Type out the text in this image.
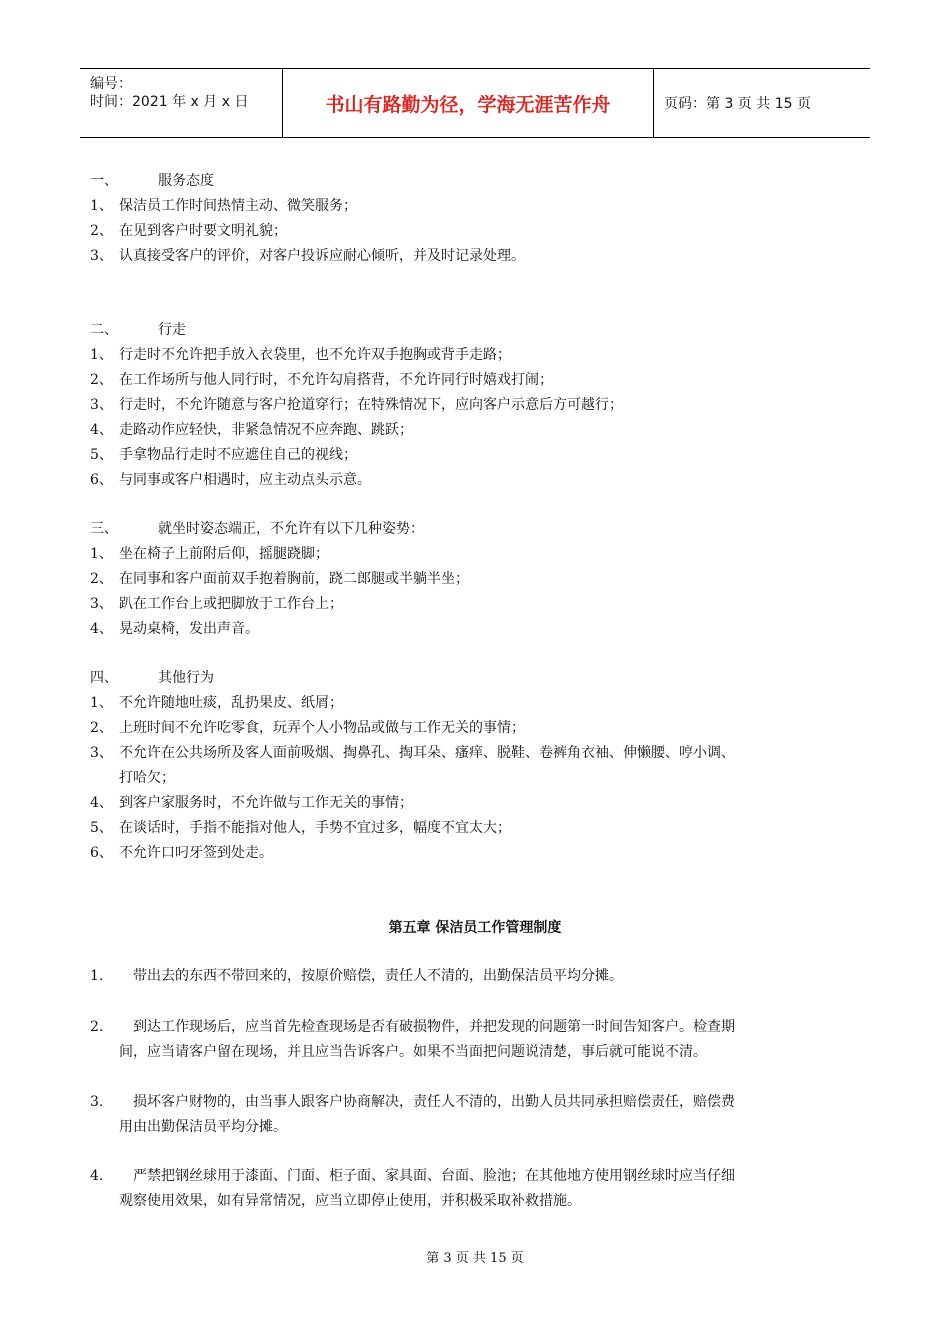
编号：
时间：2021 年 x 月 x 日	书山有路勤为径，学海无涯苦作舟	页码：第 3 页 共 15 页
一、	服务态度
1、 保洁员工作时间热情主动、微笑服务；
2、 在见到客户时要文明礼貌；
3、 认真接受客户的评价，对客户投诉应耐心倾听，并及时记录处理。
二、	行走
1、 行走时不允许把手放入衣袋里，也不允许双手抱胸或背手走路；
2、 在工作场所与他人同行时，不允许勾肩搭背，不允许同行时嬉戏打闹；
3、 行走时，不允许随意与客户抢道穿行；在特殊情况下，应向客户示意后方可越行；
4、 走路动作应轻快，非紧急情况不应奔跑、跳跃；
5、 手拿物品行走时不应遮住自己的视线；
6、 与同事或客户相遇时，应主动点头示意。
三、	就坐时姿态端正，不允许有以下几种姿势：
1、 坐在椅子上前附后仰，摇腿跷脚；
2、 在同事和客户面前双手抱着胸前，跷二郎腿或半躺半坐；
3、 趴在工作台上或把脚放于工作台上；
4、 晃动桌椅，发出声音。
四、	其他行为
1、 不允许随地吐痰，乱扔果皮、纸屑；
2、 上班时间不允许吃零食，玩弄个人小物品或做与工作无关的事情；
3、 不允许在公共场所及客人面前吸烟、掏鼻孔、掏耳朵、瘙痒、脱鞋、卷裤角衣袖、伸懒腰、哼小调、
打哈欠；
4、 到客户家服务时，不允许做与工作无关的事情；
5、 在谈话时，手指不能指对他人，手势不宜过多，幅度不宜太大；
6、 不允许口叼牙签到处走。
第五章 保洁员工作管理制度
1. 带出去的东西不带回来的，按原价赔偿，责任人不清的，出勤保洁员平均分摊。
2. 到达工作现场后，应当首先检查现场是否有破损物件，并把发现的问题第一时间告知客户。检查期
间，应当请客户留在现场，并且应当告诉客户。如果不当面把问题说清楚，事后就可能说不清。
3. 损坏客户财物的，由当事人跟客户协商解决，责任人不清的，出勤人员共同承担赔偿责任，赔偿费
用由出勤保洁员平均分摊。
4. 严禁把钢丝球用于漆面、门面、柜子面、家具面、台面、脸池；在其他地方使用钢丝球时应当仔细
观察使用效果，如有异常情况，应当立即停止使用，并积极采取补救措施。
第 3 页 共 15 页
